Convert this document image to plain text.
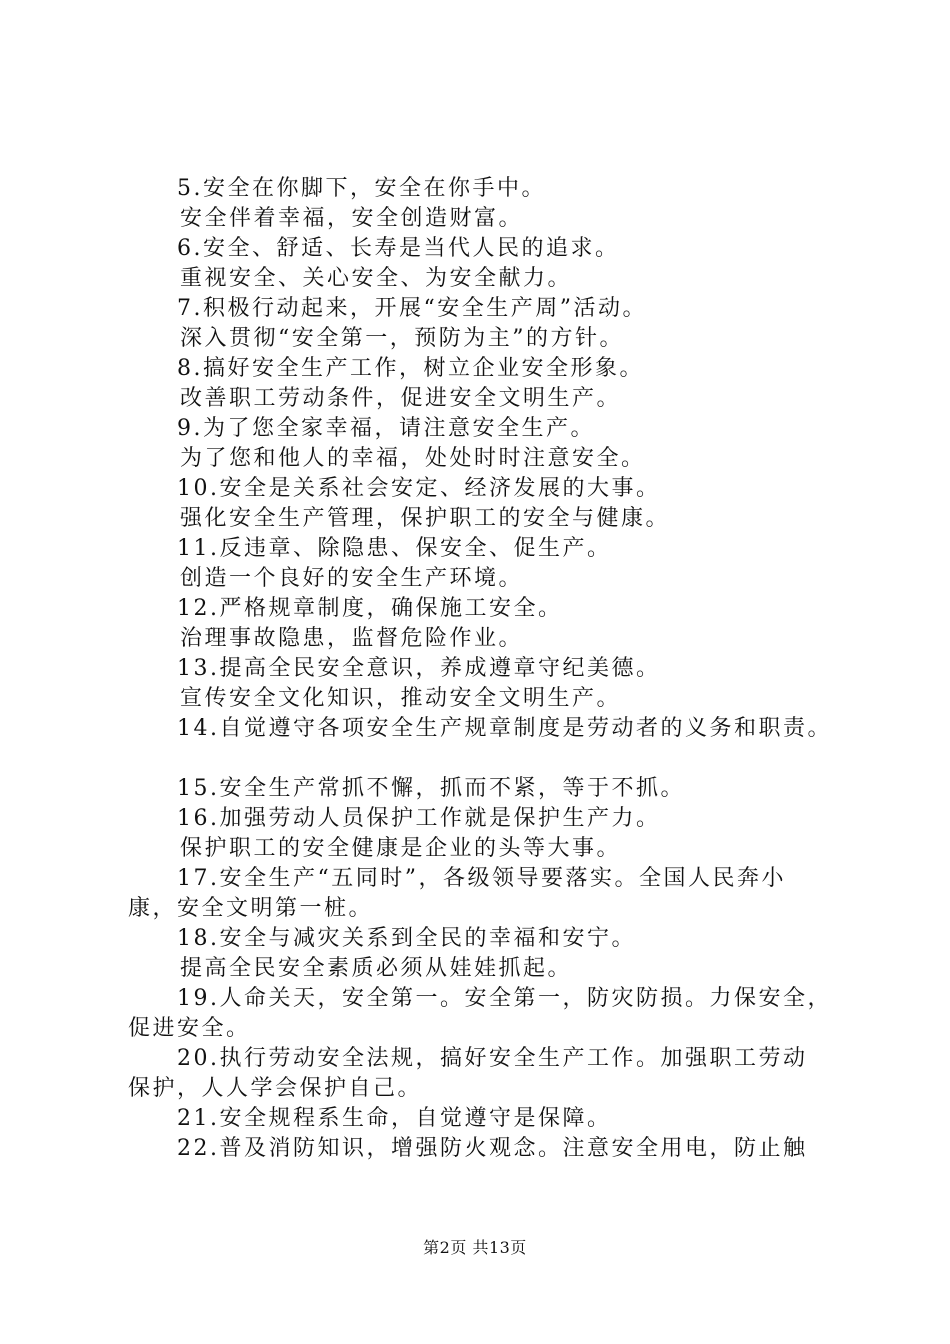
5.安全在你脚下，安全在你手中。
安全伴着幸福，安全创造财富。
6.安全、舒适、长寿是当代人民的追求。
重视安全、关心安全、为安全献力。
7.积极行动起来，开展“安全生产周”活动。
深入贯彻“安全第一，预防为主”的方针。
8.搞好安全生产工作，树立企业安全形象。
改善职工劳动条件，促进安全文明生产。
9.为了您全家幸福，请注意安全生产。
为了您和他人的幸福，处处时时注意安全。
10.安全是关系社会安定、经济发展的大事。
强化安全生产管理，保护职工的安全与健康。
11.反违章、除隐患、保安全、促生产。
创造一个良好的安全生产环境。
12.严格规章制度，确保施工安全。
治理事故隐患，监督危险作业。
13.提高全民安全意识，养成遵章守纪美德。
宣传安全文化知识，推动安全文明生产。
14.自觉遵守各项安全生产规章制度是劳动者的义务和职责。
15.安全生产常抓不懈，抓而不紧，等于不抓。
16.加强劳动人员保护工作就是保护生产力。
保护职工的安全健康是企业的头等大事。
17.安全生产“五同时”，各级领导要落实。全国人民奔小
康，安全文明第一桩。
18.安全与减灾关系到全民的幸福和安宁。
提高全民安全素质必须从娃娃抓起。
19.人命关天，安全第一。安全第一，防灾防损。力保安全，
促进安全。
20.执行劳动安全法规，搞好安全生产工作。加强职工劳动
保护，人人学会保护自己。
21.安全规程系生命，自觉遵守是保障。
22.普及消防知识，增强防火观念。注意安全用电，防止触
第2页 共13页
